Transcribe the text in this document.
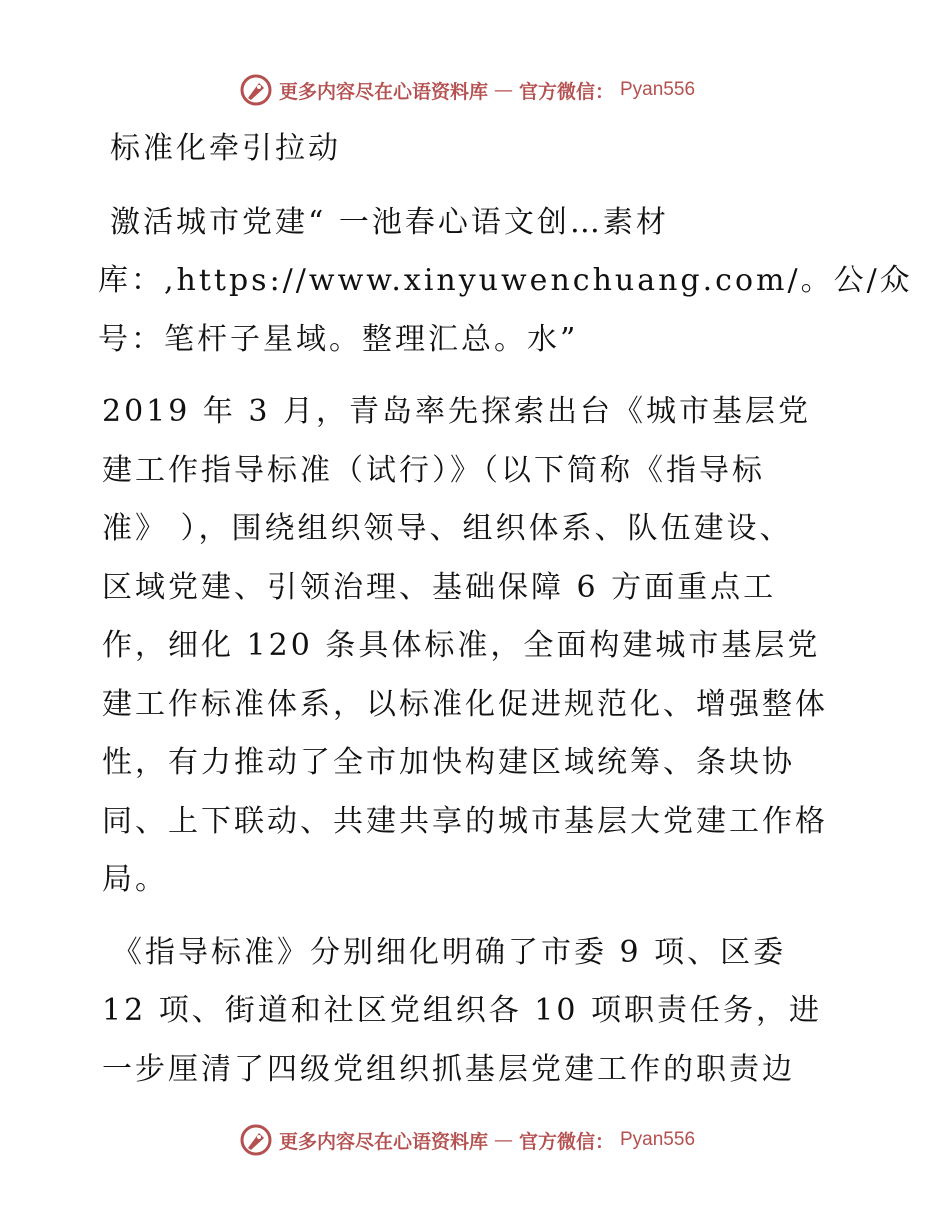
更多内容尽在心语资料库 — 官方微信： Pyan556

标准化牵引拉动

激活城市党建“ 一池春心语文创…素材
库：,https://www.xinyuwenchuang.com/。公/众
号：笔杆子星域。整理汇总。水”

2019 年 3 月，青岛率先探索出台《城市基层党
建工作指导标准（试行）》（以下简称《指导标
准》 ），围绕组织领导、组织体系、队伍建设、
区域党建、引领治理、基础保障 6 方面重点工
作，细化 120 条具体标准，全面构建城市基层党
建工作标准体系，以标准化促进规范化、增强整体
性，有力推动了全市加快构建区域统筹、条块协
同、上下联动、共建共享的城市基层大党建工作格
局。

《指导标准》分别细化明确了市委 9 项、区委
12 项、街道和社区党组织各 10 项职责任务，进
一步厘清了四级党组织抓基层党建工作的职责边

更多内容尽在心语资料库 — 官方微信： Pyan556
